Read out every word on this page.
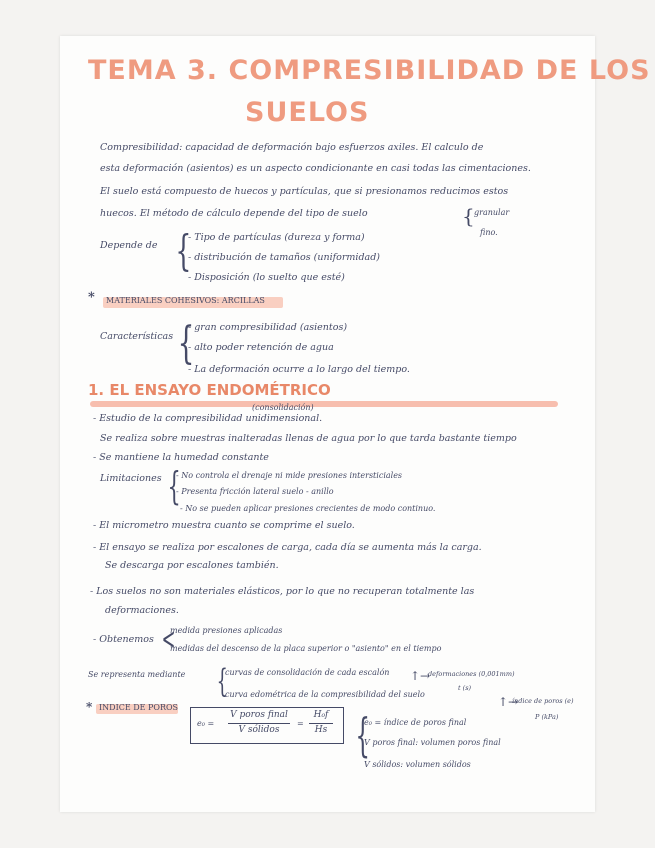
TEMA 3. COMPRESIBILIDAD DE LOS
SUELOS
Compresibilidad: capacidad de deformación bajo esfuerzos axiles. El calculo de
esta deformación (asientos) es un aspecto condicionante en casi todas las cimentaciones.
El suelo está compuesto de huecos y partículas, que si presionamos reducimos estos
huecos. El método de cálculo depende del tipo de suelo	{ granular
fino.
Depende de {
- Tipo de partículas (dureza y forma)
- distribución de tamaños (uniformidad)
- Disposición (lo suelto que esté)
* MATERIALES COHESIVOS: ARCILLAS
Características {
- gran compresibilidad (asientos)
- alto poder retención de agua
- La deformación ocurre a lo largo del tiempo.
1. EL ENSAYO ENDOMÉTRICO
(consolidación)
- Estudio de la compresibilidad unidimensional.
Se realiza sobre muestras inalteradas llenas de agua por lo que tarda bastante tiempo
- Se mantiene la humedad constante
Limitaciones {
- No controla el drenaje ni mide presiones intersticiales
- Presenta fricción lateral suelo - anillo
- No se pueden aplicar presiones crecientes de modo continuo.
- El micrometro muestra cuanto se comprime el suelo.
- El ensayo se realiza por escalones de carga, cada día se aumenta más la carga.
Se descarga por escalones también.
- Los suelos no son materiales elásticos, por lo que no recuperan totalmente las
deformaciones.
- Obtenemos <
medida presiones aplicadas
medidas del descenso de la placa superior o "asiento" en el tiempo
Se representa mediante {
curvas de consolidación de cada escalón ↑→
deformaciones (0,001mm)
t (s)
curva edométrica de la compresibilidad del suelo
↑→
índice de poros (e)
P (kPa)
* INDICE DE POROS
e₀ =
V poros final
V sólidos
=
H₀f
Hs {
e₀ = índice de poros final
V poros final: volumen poros final
V sólidos: volumen sólidos
